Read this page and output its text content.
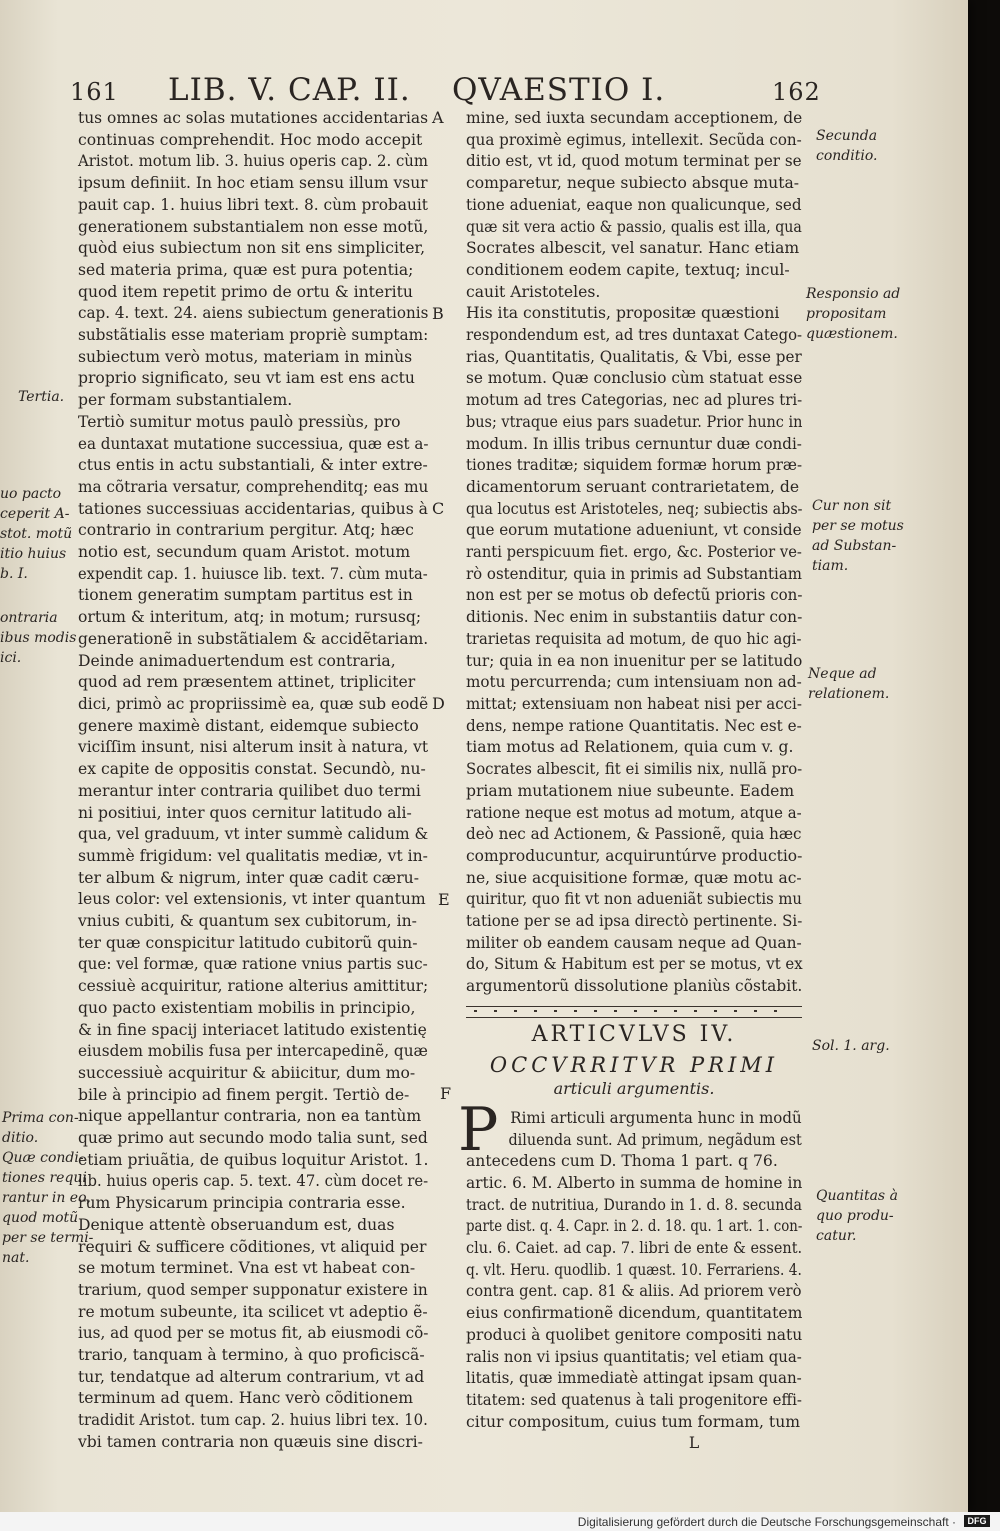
161 LIB. V. CAP. II. QVAESTIO I.	162
tus omnes ac solas mutationes accidentarias
continuas comprehendit. Hoc modo accepit
Aristot. motum lib. 3. huius operis cap. 2. cùm
ipsum definiit. In hoc etiam sensu illum vsur
pauit cap. 1. huius libri text. 8. cùm probauit
generationem substantialem non esse motũ,
quòd eius subiectum non sit ens simpliciter,
sed materia prima, quæ est pura potentia;
quod item repetit primo de ortu & interitu
cap. 4. text. 24. aiens subiectum generationis
substãtialis esse materiam propriè sumptam:
subiectum verò motus, materiam in minùs
proprio significato, seu vt iam est ens actu
per formam substantialem.
Tertiò sumitur motus paulò pressiùs, pro
ea duntaxat mutatione successiua, quæ est a-
ctus entis in actu substantiali, & inter extre-
ma cõtraria versatur, comprehenditq; eas mu
tationes successiuas accidentarias, quibus à
contrario in contrarium pergitur. Atq; hæc
notio est, secundum quam Aristot. motum
expendit cap. 1. huiusce lib. text. 7. cùm muta-
tionem generatim sumptam partitus est in
ortum & interitum, atq; in motum; rursusq;
generationẽ in substãtialem & accidẽtariam.
Deinde animaduertendum est contraria,
quod ad rem præsentem attinet, tripliciter
dici, primò ac propriissimè ea, quæ sub eodẽ
genere maximè distant, eidemque subiecto
viciſſim insunt, nisi alterum insit à natura, vt
ex capite de oppositis constat. Secundò, nu-
merantur inter contraria quilibet duo termi
ni positiui, inter quos cernitur latitudo ali-
qua, vel graduum, vt inter summè calidum &
summè frigidum: vel qualitatis mediæ, vt in-
ter album & nigrum, inter quæ cadit cæru-
leus color: vel extensionis, vt inter quantum
vnius cubiti, & quantum sex cubitorum, in-
ter quæ conspicitur latitudo cubitorũ quin-
que: vel formæ, quæ ratione vnius partis suc-
cessiuè acquiritur, ratione alterius amittitur;
quo pacto existentiam mobilis in principio,
& in fine spacij interiacet latitudo existentię
eiusdem mobilis fusa per intercapedinẽ, quæ
successiuè acquiritur & abiicitur, dum mo-
bile à principio ad finem pergit. Tertiò de-
nique appellantur contraria, non ea tantùm
quæ primo aut secundo modo talia sunt, sed
etiam priuãtia, de quibus loquitur Aristot. 1.
lib. huius operis cap. 5. text. 47. cùm docet re-
rum Physicarum principia contraria esse.
Denique attentè obseruandum est, duas
requiri & sufficere cõditiones, vt aliquid per
se motum terminet. Vna est vt habeat con-
trarium, quod semper supponatur existere in
re motum subeunte, ita scilicet vt adeptio ẽ-
ius, ad quod per se motus fit, ab eiusmodi cõ-
trario, tanquam à termino, à quo proficiscã-
tur, tendatque ad alterum contrarium, vt ad
terminum ad quem. Hanc verò cõditionem
tradidit Aristot. tum cap. 2. huius libri tex. 10.
vbi tamen contraria non quæuis sine discri-
mine, sed iuxta secundam acceptionem, de
qua proximè egimus, intellexit. Secũda con-
ditio est, vt id, quod motum terminat per se
comparetur, neque subiecto absque muta-
tione adueniat, eaque non qualicunque, sed
quæ sit vera actio & passio, qualis est illa, qua
Socrates albescit, vel sanatur. Hanc etiam
conditionem eodem capite, textuq; incul-
cauit Aristoteles.
His ita constitutis, propositæ quæstioni
respondendum est, ad tres duntaxat Catego-
rias, Quantitatis, Qualitatis, & Vbi, esse per
se motum. Quæ conclusio cùm statuat esse
motum ad tres Categorias, nec ad plures tri-
bus; vtraque eius pars suadetur. Prior hunc in
modum. In illis tribus cernuntur duæ condi-
tiones traditæ; siquidem formæ horum præ-
dicamentorum seruant contrarietatem, de
qua locutus est Aristoteles, neq; subiectis abs-
que eorum mutatione adueniunt, vt conside
ranti perspicuum fiet. ergo, &c. Posterior ve-
rò ostenditur, quia in primis ad Substantiam
non est per se motus ob defectũ prioris con-
ditionis. Nec enim in substantiis datur con-
trarietas requisita ad motum, de quo hic agi-
tur; quia in ea non inuenitur per se latitudo
motu percurrenda; cum intensiuam non ad-
mittat; extensiuam non habeat nisi per acci-
dens, nempe ratione Quantitatis. Nec est e-
tiam motus ad Relationem, quia cum v. g.
Socrates albescit, fit ei similis nix, nullã pro-
priam mutationem niue subeunte. Eadem
ratione neque est motus ad motum, atque a-
deò nec ad Actionem, & Passionẽ, quia hæc
comproducuntur, acquiruntúrve productio-
ne, siue acquisitione formæ, quæ motu ac-
quiritur, quo fit vt non adueniãt subiectis mu
tatione per se ad ipsa directò pertinente. Si-
militer ob eandem causam neque ad Quan-
do, Situm & Habitum est per se motus, vt ex
argumentorũ dissolutione planiùs cõstabit.
ARTICVLVS IV.
OCCVRRITVR PRIMI
articuli argumentis.
P Rimi articuli argumenta hunc in modũ
diluenda sunt. Ad primum, negãdum est
antecedens cum D. Thoma 1 part. q 76.
artic. 6. M. Alberto in summa de homine in
tract. de nutritiua, Durando in 1. d. 8. secunda
parte dist. q. 4. Capr. in 2. d. 18. qu. 1 art. 1. con-
clu. 6. Caiet. ad cap. 7. libri de ente & essent.
q. vlt. Heru. quodlib. 1 quæst. 10. Ferrariens. 4.
contra gent. cap. 81 & aliis. Ad priorem verò
eius confirmationẽ dicendum, quantitatem
produci à quolibet genitore compositi natu
ralis non vi ipsius quantitatis; vel etiam qua-
litatis, quæ immediatè attingat ipsam quan-
titatem: sed quatenus à tali progenitore effi-
citur compositum, cuius tum formam, tum
L
Tertia.
uo pacto
ceperit A-
stot. motũ
itio huius
b. I.
ontraria
ibus modis
ici.
Prima con-
ditio.
Quæ condi-
tiones requi
rantur in eo,
quod motũ
per se termi-
nat.
Secunda
conditio.
Responsio ad
propositam
quæstionem.
Cur non sit
per se motus
ad Substan-
tiam.
Neque ad
relationem.
Sol. 1. arg.
Quantitas à
quo produ-
catur.
A
B
C
D
E
F
Digitalisierung gefördert durch die Deutsche Forschungsgemeinschaft ·	DFG
